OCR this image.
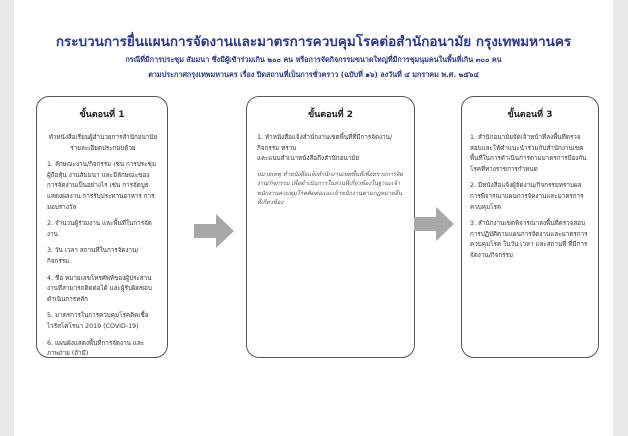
กระบวนการยื่นแผนการจัดงานและมาตรการควบคุมโรคต่อสำนักอนามัย กรุงเทพมหานคร
กรณีที่มีการประชุม สัมมนา ซึ่งมีผู้เข้าร่วมเกิน ๒๐๐ คน หรือการจัดกิจกรรมขนาดใหญ่ที่มีการชุมนุมคนในพื้นที่เกิน ๓๐๐ คน
ตามประกาศกรุงเทพมหานคร เรื่อง ปิดสถานที่เป็นการชั่วคราว (ฉบับที่ ๑๖) ลงวันที่ ๔ มกราคม พ.ศ. ๒๕๖๔
ขั้นตอนที่ 1

ทำหนังสือเรียนผู้อำนวยการสำนักอนามัย รายละเอียดประกอบด้วย

1. ลักษณะงาน/กิจกรรม เช่น การประชุมผู้ถือหุ้น งานสัมมนา และมีลักษณะของการจัดงานเป็นอย่างไร เช่น การจัดบูธแสดงผลงาน การรับประทานอาหาร การมอบรางวัล

2. จำนวนผู้ร่วมงาน และพื้นที่ในการจัดงาน

3. วัน เวลา สถานที่ในการจัดงาน/กิจกรรม

4. ชื่อ หมายเลขโทรศัพท์ของผู้ประสานงานที่สามารถติดต่อได้ และผู้รับผิดชอบดำเนินการหลัก

5. มาตรการในการควบคุมโรคติดเชื้อไวรัสโคโรนา 2019 (COVID-19)

6. แผนผังแสดงพื้นที่การจัดงาน และภาพถ่าย (ถ้ามี)

ขั้นตอนที่ 2

1. ทำหนังสือแจ้งสำนักงานเขตพื้นที่ที่มีการจัดงาน/กิจกรรม ทราบ

และแนบสำเนาหนังสือถึงสำนักอนามัย

หมายเหตุ ทำหนังสือแจ้งสำนักงานเขตพื้นที่เพื่อทราบการจัดงาน/กิจกรรม เพื่อดำเนินการในส่วนที่เกี่ยวข้องในฐานะเจ้าพนักงานควบคุมโรคติดต่อและเจ้าพนักงานตามกฎหมายอื่นที่เกี่ยวข้อง

ขั้นตอนที่ 3

1. สำนักอนามัยจัดเจ้าหน้าที่ลงพื้นที่ตรวจสอบและให้คำแนะนำร่วมกับสำนักงานเขตพื้นที่ในการดำเนินการตามมาตรการป้องกันโรคที่ทางราชการกำหนด

2. มีหนังสือแจ้งผู้จัดงาน/กิจกรรมทราบผลการพิจารณาแผนการจัดงานและมาตรการควบคุมโรค

3. สำนักงานเขตพิจารณาลงพื้นที่ตรวจสอบการปฏิบัติตามแผนการจัดงานและมาตรการควบคุมโรค ในวัน เวลา และสถานที่ ที่มีการจัดงาน/กิจกรรม
